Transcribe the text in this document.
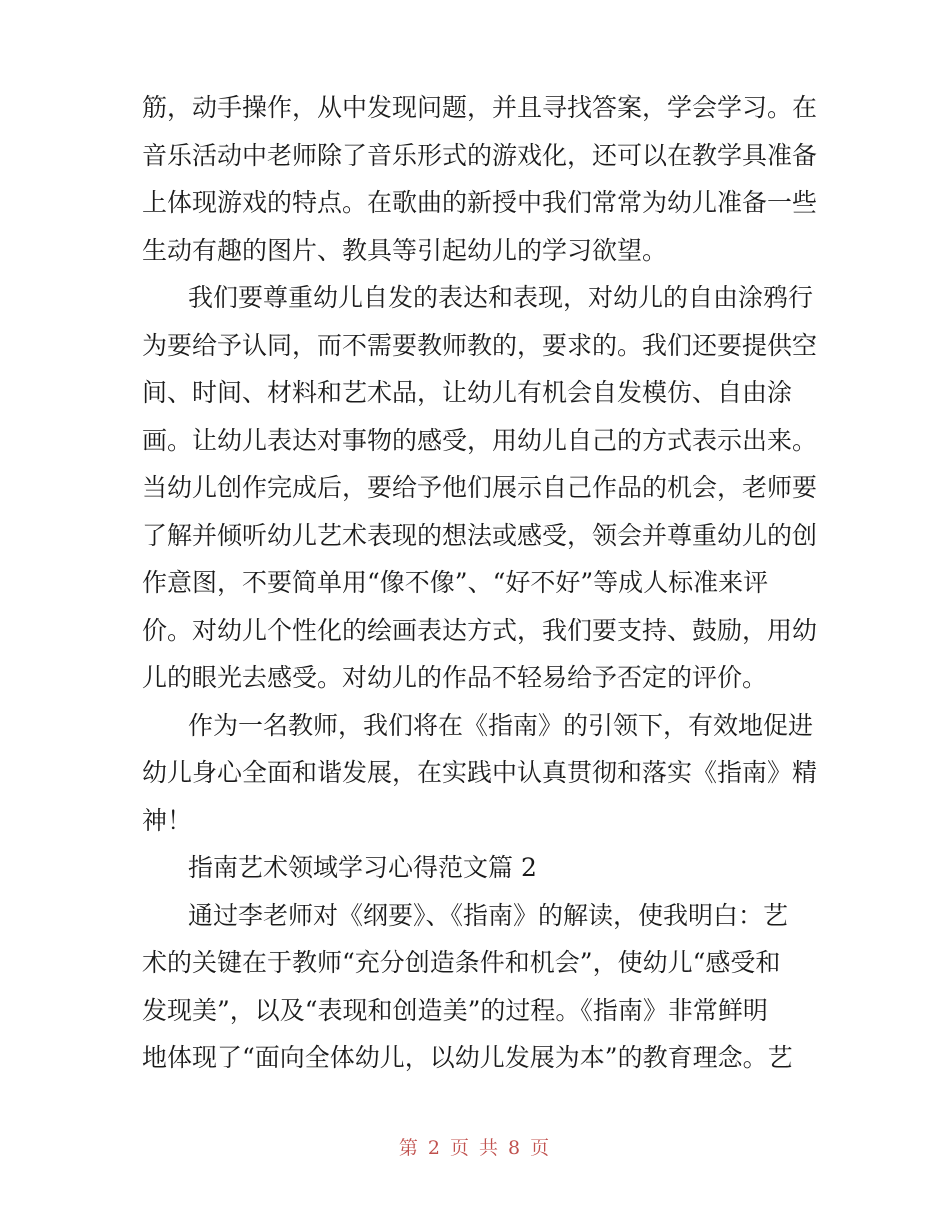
筋，动手操作，从中发现问题，并且寻找答案，学会学习。在
音乐活动中老师除了音乐形式的游戏化，还可以在教学具准备
上体现游戏的特点。在歌曲的新授中我们常常为幼儿准备一些
生动有趣的图片、教具等引起幼儿的学习欲望。
我们要尊重幼儿自发的表达和表现，对幼儿的自由涂鸦行
为要给予认同，而不需要教师教的，要求的。我们还要提供空
间、时间、材料和艺术品，让幼儿有机会自发模仿、自由涂
画。让幼儿表达对事物的感受，用幼儿自己的方式表示出来。
当幼儿创作完成后，要给予他们展示自己作品的机会，老师要
了解并倾听幼儿艺术表现的想法或感受，领会并尊重幼儿的创
作意图，不要简单用“像不像”、“好不好”等成人标准来评
价。对幼儿个性化的绘画表达方式，我们要支持、鼓励，用幼
儿的眼光去感受。对幼儿的作品不轻易给予否定的评价。
作为一名教师，我们将在《指南》的引领下，有效地促进
幼儿身心全面和谐发展，在实践中认真贯彻和落实《指南》精
神！
指南艺术领域学习心得范文篇 2
通过李老师对《纲要》、《指南》的解读，使我明白：艺
术的关键在于教师“充分创造条件和机会”，使幼儿“感受和
发现美”，以及“表现和创造美”的过程。《指南》非常鲜明
地体现了“面向全体幼儿，以幼儿发展为本”的教育理念。艺
第 2 页 共 8 页
